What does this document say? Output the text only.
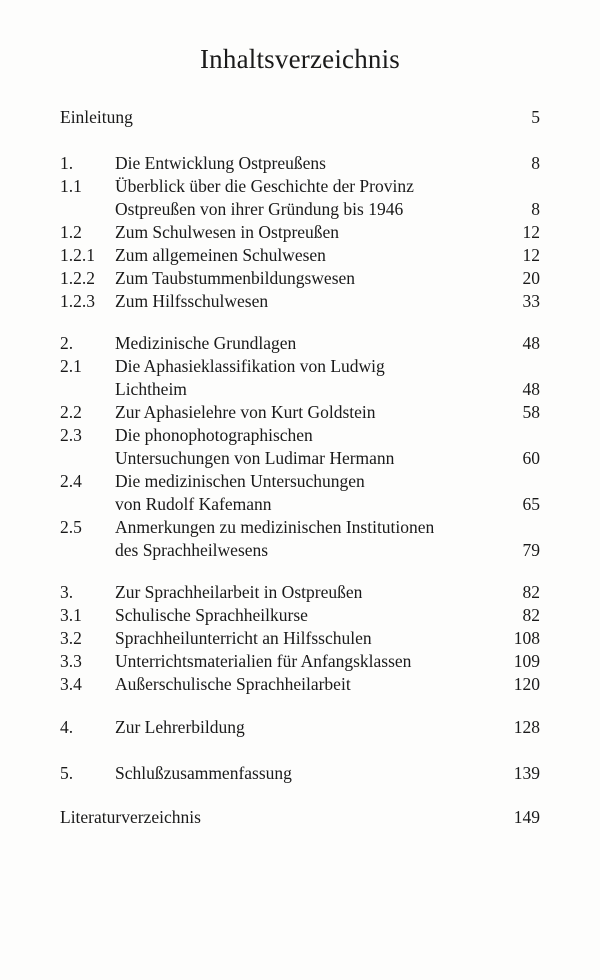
Inhaltsverzeichnis
Einleitung	5
1. Die Entwicklung Ostpreußens	8
1.1 Überblick über die Geschichte der Provinz
Ostpreußen von ihrer Gründung bis 1946	8
1.2 Zum Schulwesen in Ostpreußen	12
1.2.1 Zum allgemeinen Schulwesen	12
1.2.2 Zum Taubstummenbildungswesen	20
1.2.3 Zum Hilfsschulwesen	33
2. Medizinische Grundlagen	48
2.1 Die Aphasieklassifikation von Ludwig
Lichtheim	48
2.2 Zur Aphasielehre von Kurt Goldstein	58
2.3 Die phonophotographischen
Untersuchungen von Ludimar Hermann	60
2.4 Die medizinischen Untersuchungen
von Rudolf Kafemann	65
2.5 Anmerkungen zu medizinischen Institutionen
des Sprachheilwesens	79
3. Zur Sprachheilarbeit in Ostpreußen	82
3.1 Schulische Sprachheilkurse	82
3.2 Sprachheilunterricht an Hilfsschulen	108
3.3 Unterrichtsmaterialien für Anfangsklassen	109
3.4 Außerschulische Sprachheilarbeit	120
4. Zur Lehrerbildung	128
5. Schlußzusammenfassung	139
Literaturverzeichnis	149
